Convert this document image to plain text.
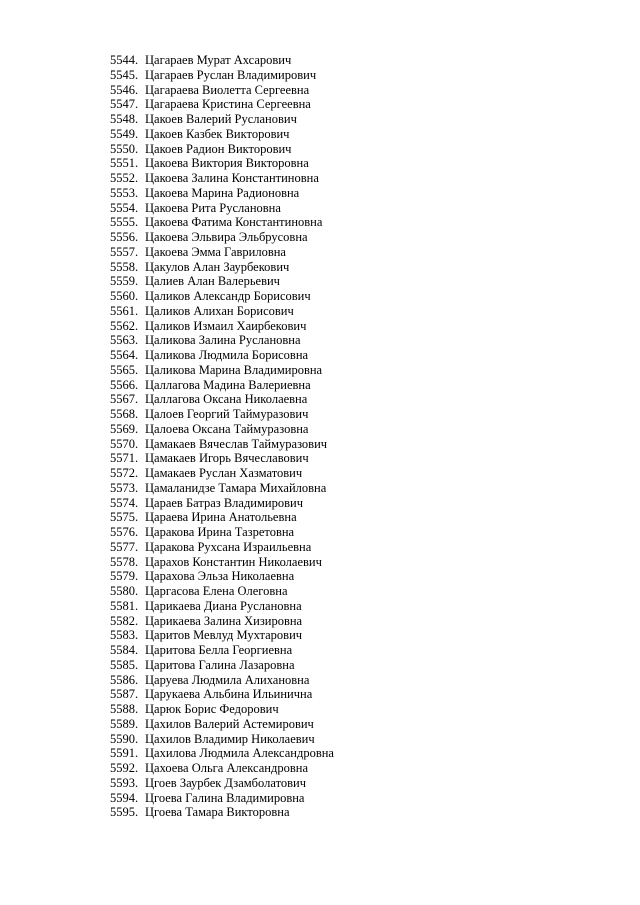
5544. Цагараев Мурат Ахсарович
5545. Цагараев Руслан Владимирович
5546. Цагараева Виолетта Сергеевна
5547. Цагараева Кристина Сергеевна
5548. Цакоев Валерий Русланович
5549. Цакоев Казбек Викторович
5550. Цакоев Радион Викторович
5551. Цакоева Виктория Викторовна
5552. Цакоева Залина Константиновна
5553. Цакоева Марина Радионовна
5554. Цакоева Рита Руслановна
5555. Цакоева Фатима Константиновна
5556. Цакоева Эльвира Эльбрусовна
5557. Цакоева Эмма Гавриловна
5558. Цакулов Алан Заурбекович
5559. Цалиев Алан Валерьевич
5560. Цаликов Александр Борисович
5561. Цаликов Алихан Борисович
5562. Цаликов Измаил Хаирбекович
5563. Цаликова Залина Руслановна
5564. Цаликова Людмила Борисовна
5565. Цаликова Марина Владимировна
5566. Цаллагова Мадина Валериевна
5567. Цаллагова Оксана Николаевна
5568. Цалоев Георгий Таймуразович
5569. Цалоева Оксана Таймуразовна
5570. Цамакаев Вячеслав Таймуразович
5571. Цамакаев Игорь Вячеславович
5572. Цамакаев Руслан Хазматович
5573. Цамаланидзе Тамара Михайловна
5574. Цараев Батраз Владимирович
5575. Цараева Ирина Анатольевна
5576. Царакова Ирина Тазретовна
5577. Царакова Рухсана Израильевна
5578. Царахов Константин Николаевич
5579. Царахова Эльза Николаевна
5580. Царгасова Елена Олеговна
5581. Царикаева Диана Руслановна
5582. Царикаева Залина Хизировна
5583. Царитов Мевлуд Мухтарович
5584. Царитова Белла Георгиевна
5585. Царитова Галина Лазаровна
5586. Царуева Людмила Алихановна
5587. Царукаева Альбина Ильинична
5588. Царюк Борис Федорович
5589. Цахилов Валерий Астемирович
5590. Цахилов Владимир Николаевич
5591. Цахилова Людмила Александровна
5592. Цахоева Ольга Александровна
5593. Цгоев Заурбек Дзамболатович
5594. Цгоева Галина Владимировна
5595. Цгоева Тамара Викторовна
